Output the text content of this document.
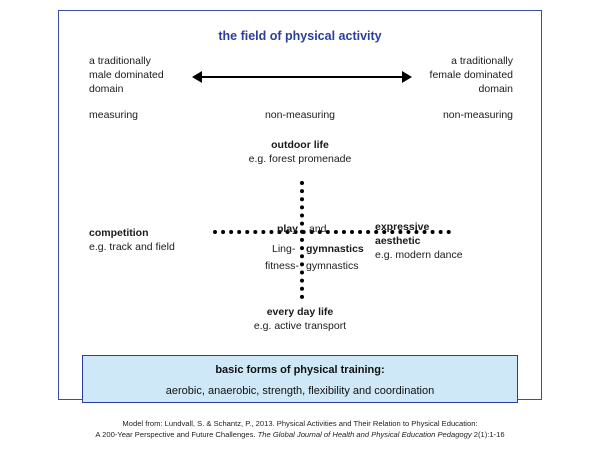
the field of physical activity
a traditionally
male dominated
domain
a traditionally
female dominated
domain
measuring	non-measuring	non-measuring
outdoor life
e.g. forest promenade
competition
e.g. track and field
expressive
aesthetic
e.g. modern dance
play and
Ling- gymnastics
fitness- gymnastics
every day life
e.g. active transport
basic forms of physical training:
aerobic, anaerobic, strength, flexibility and coordination
Model from: Lundvall, S. & Schantz, P., 2013. Physical Activities and Their Relation to Physical Education:
A 200-Year Perspective and Future Challenges. The Global Journal of Health and Physical Education Pedagogy 2(1):1-16
